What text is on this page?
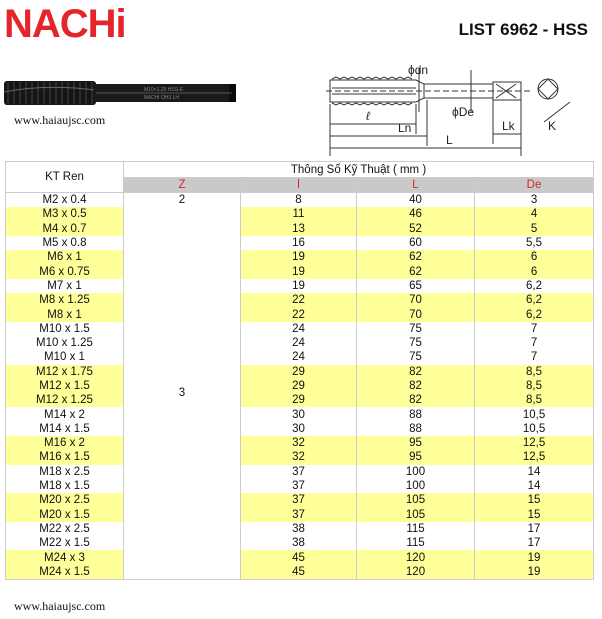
NACHi	LIST 6962 - HSS
M10×1.25 HSS-E
NACHI OH3 LH
www.haiaujsc.com
ϕdn
ϕDe
ℓ
Ln
L
Lk	K
KT Ren	Thông Số Kỹ Thuật ( mm )			
	Z	l	L	De
M2 x 0.4	2	8	40	3
M3 x 0.5	3	11	46	4
M4 x 0.7		13	52	5
M5 x 0.8		16	60	5,5
M6 x 1		19	62	6
M6 x 0.75		19	62	6
M7 x 1		19	65	6,2
M8 x 1.25		22	70	6,2
M8 x 1		22	70	6,2
M10 x 1.5		24	75	7
M10 x 1.25		24	75	7
M10 x 1		24	75	7
M12 x 1.75		29	82	8,5
M12 x 1.5		29	82	8,5
M12 x 1.25		29	82	8,5
M14 x 2		30	88	10,5
M14 x 1.5		30	88	10,5
M16 x 2		32	95	12,5
M16 x 1.5		32	95	12,5
M18 x 2.5		37	100	14
M18 x 1.5		37	100	14
M20 x 2.5		37	105	15
M20 x 1.5		37	105	15
M22 x 2.5		38	115	17
M22 x 1.5		38	115	17
M24 x 3		45	120	19
M24 x 1.5		45	120	19
www.haiaujsc.com
